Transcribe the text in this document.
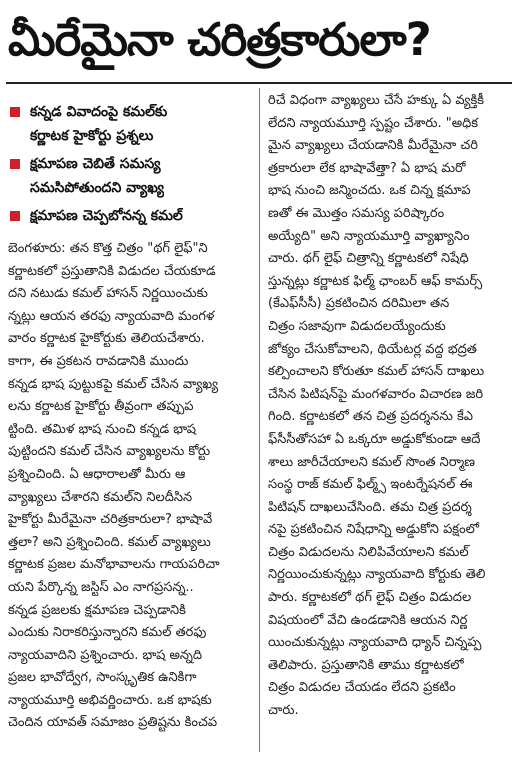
మీరేమైనా చరిత్రకారులా?
కన్నడ వివాదంపై కమల్‌కు
కర్ణాటక హైకోర్టు ప్రశ్నలు
క్షమాపణ చెబితే సమస్య
సమసిపోతుందని వ్యాఖ్య
క్షమాపణ చెప్పబోనన్న కమల్
బెంగళూరు: తన కొత్త చిత్రం "థగ్ లైఫ్"ని
కర్ణాటకలో ప్రస్తుతానికి విడుదల చేయకూడ
దని నటుడు కమల్ హాసన్ నిర్ణయించుకు
న్నట్లు ఆయన తరఫు న్యాయవాది మంగళ
వారం కర్ణాటక హైకోర్టుకు తెలియచేశారు.
కాగా, ఈ ప్రకటన రావడానికి ముందు
కన్నడ భాష పుట్టుకపై కమల్ చేసిన వ్యాఖ్య
లను కర్ణాటక హైకోర్టు తీవ్రంగా తప్పుప
ట్టింది. తమిళ భాష నుంచి కన్నడ భాష
పుట్టిందని కమల్ చేసిన వ్యాఖ్యలను కోర్టు
ప్రశ్నించింది. ఏ ఆధారాలతో మీరు ఆ
వ్యాఖ్యలు చేశారని కమల్‌ని నిలదీసిన
హైకోర్టు మీరేమైనా చరిత్రకారులా? భాషావే
త్తలా? అని ప్రశ్నించింది. కమల్ వ్యాఖ్యలు
కర్ణాటక ప్రజల మనోభావాలను గాయపరిచా
యని పేర్కొన్న జస్టిస్ ఎం నాగప్రసన్న..
కన్నడ ప్రజలకు క్షమాపణ చెప్పడానికి
ఎందుకు నిరాకరిస్తున్నారని కమల్ తరఫు
న్యాయవాదిని ప్రశ్నించారు. భాష అన్నది
ప్రజల భావోద్వేగ, సాంస్కృతిక ఉనికిగా
న్యాయమూర్తి అభివర్ణించారు. ఒక భాషకు
చెందిన యావత్ సమాజం ప్రతిష్టను కించప
రిచే విధంగా వ్యాఖ్యలు చేసే హక్కు ఏ వ్యక్తికీ
లేదని న్యాయమూర్తి స్పష్టం చేశారు. "అధిక
మైన వ్యాఖ్యలు చేయడానికి మీరేమైనా చరి
త్రకారులా లేక భాషావేత్తా? ఏ భాష మరో
భాష నుంచి జన్మించదు. ఒక చిన్న క్షమాప
ణతో ఈ మొత్తం సమస్య పరిష్కారం
అయ్యేది" అని న్యాయమూర్తి వ్యాఖ్యానిం
చారు. థగ్ లైఫ్ చిత్రాన్ని కర్ణాటకలో నిషేధి
స్తున్నట్లు కర్ణాటక ఫిల్మ్ ఛాంబర్ ఆఫ్ కామర్స్
(కేఎఫ్‌సీసీ) ప్రకటించిన దరిమిలా తన
చిత్రం సజావుగా విడుదలయ్యేందుకు
జోక్యం చేసుకోవాలని, థియేటర్ల వద్ద భద్రత
కల్పించాలని కోరుతూ కమల్ హాసన్ దాఖలు
చేసిన పిటిషన్‌పై మంగళవారం విచారణ జరి
గింది. కర్ణాటకలో తన చిత్ర ప్రదర్శనను కేఎ
ఫ్‌సీసీ‌తోసహా ఏ ఒక్కరూ అడ్డుకోకుండా ఆదే
శాలు జారీచేయాలని కమల్ సొంత నిర్మాణ
సంస్థ రాజ్ కమల్ ఫిల్మ్స్ ఇంటర్నేషనల్ ఈ
పిటిషన్ దాఖలుచేసింది. తమ చిత్ర ప్రదర్శ
నపై ప్రకటించిన నిషేధాన్ని అడ్డుకోని పక్షంలో
చిత్రం విడుదలను నిలిపివేయాలని కమల్
నిర్ణయించుకున్నట్లు న్యాయవాది కోర్టుకు తెలి
పారు. కర్ణాటకలో థగ్ లైఫ్ చిత్రం విడుదల
విషయంలో వేచి ఉండడానికి ఆయన నిర్ణ
యించుకున్నట్లు న్యాయవాది ధ్యాన్ చిన్నప్ప
తెలిపారు. ప్రస్తుతానికి తాము కర్ణాటకలో
చిత్రం విడుదల చేయడం లేదని ప్రకటిం
చారు.
